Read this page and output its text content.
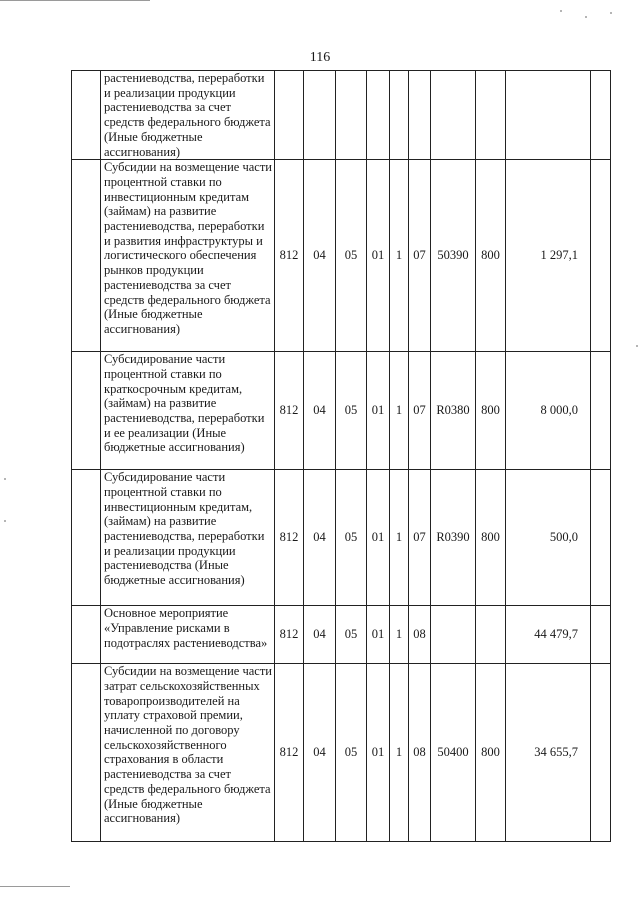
116
	растениеводства, переработки и реализации продукции растениеводства за счет средств федерального бюджета (Иные бюджетные ассигнования)										
	Субсидии на возмещение части процентной ставки по инвестиционным кредитам (займам) на развитие растениеводства, переработки и развития инфраструктуры и логистического обеспечения рынков продукции растениеводства за счет средств федерального бюджета (Иные бюджетные ассигнования)	812	04	05	01	1	07	50390	800	1 297,1	
	Субсидирование части процентной ставки по краткосрочным кредитам, (займам) на развитие растениеводства, переработки и ее реализации (Иные бюджетные ассигнования)	812	04	05	01	1	07	R0380	800	8 000,0	
	Субсидирование части процентной ставки по инвестиционным кредитам, (займам) на развитие растениеводства, переработки и реализации продукции растениеводства (Иные бюджетные ассигнования)	812	04	05	01	1	07	R0390	800	500,0	
	Основное мероприятие «Управление рисками в подотраслях растениеводства»	812	04	05	01	1	08			44 479,7	
	Субсидии на возмещение части затрат сельскохозяйственных товаропроизводителей на уплату страховой премии, начисленной по договору сельскохозяйственного страхования в области растениеводства за счет средств федерального бюджета (Иные бюджетные ассигнования)	812	04	05	01	1	08	50400	800	34 655,7	
